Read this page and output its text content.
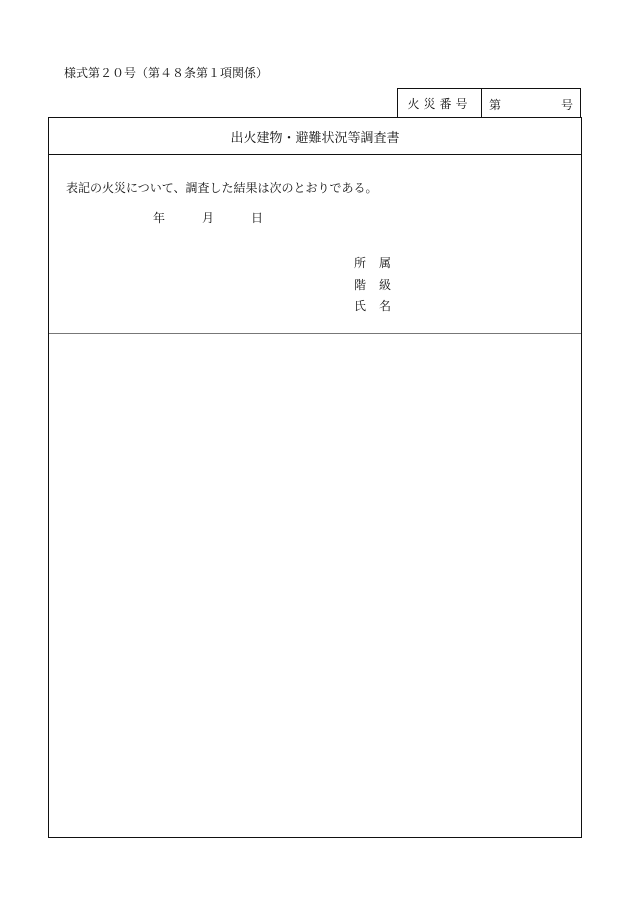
様式第２０号（第４８条第１項関係）
火災番号	第	号
出火建物・避難状況等調査書
表記の火災について、調査した結果は次のとおりである。
年	月	日
所	属
階	級
氏	名
